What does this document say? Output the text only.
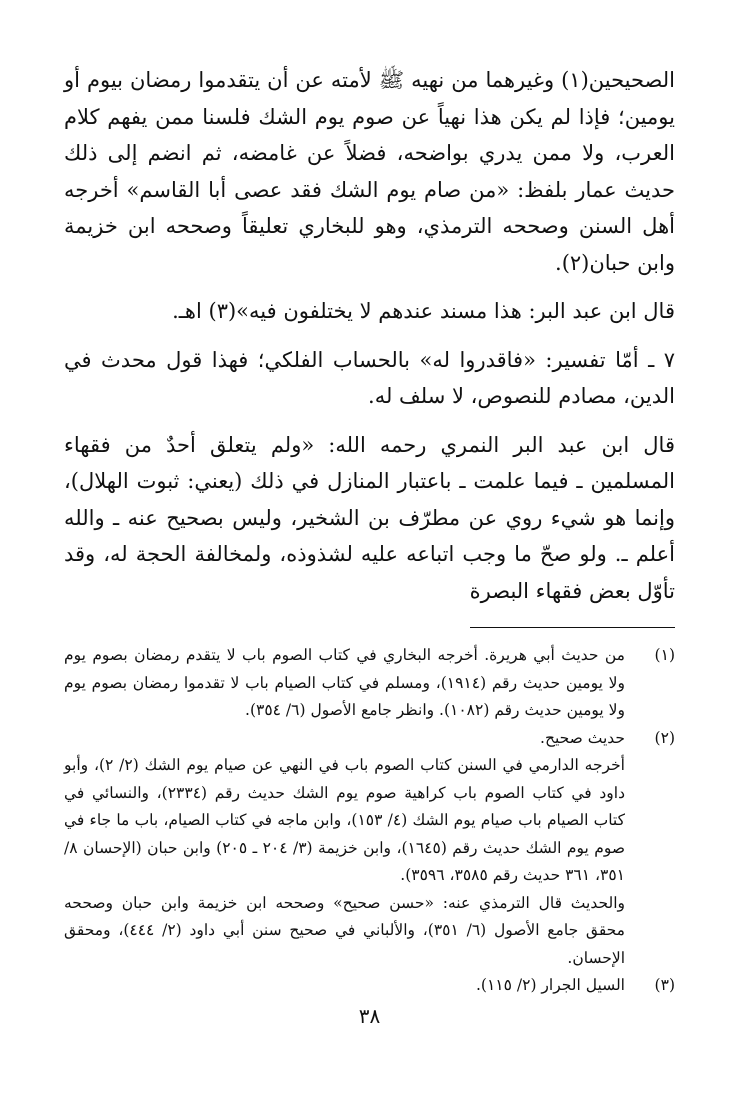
الصحيحين(١) وغيرهما من نهيه ﷺ لأمته عن أن يتقدموا رمضان بيوم أو يومين؛ فإذا لم يكن هذا نهياً عن صوم يوم الشك فلسنا ممن يفهم كلام العرب، ولا ممن يدري بواضحه، فضلاً عن غامضه، ثم انضم إلى ذلك حديث عمار بلفظ: «من صام يوم الشك فقد عصى أبا القاسم» أخرجه أهل السنن وصححه الترمذي، وهو للبخاري تعليقاً وصححه ابن خزيمة وابن حبان(٢).

قال ابن عبد البر: هذا مسند عندهم لا يختلفون فيه»(٣) اهـ.

٧ ـ أمّا تفسير: «فاقدروا له» بالحساب الفلكي؛ فهذا قول محدث في الدين، مصادم للنصوص، لا سلف له.

قال ابن عبد البر النمري رحمه الله: «ولم يتعلق أحدٌ من فقهاء المسلمين ـ فيما علمت ـ باعتبار المنازل في ذلك (يعني: ثبوت الهلال)، وإنما هو شيء روي عن مطرّف بن الشخير، وليس بصحيح عنه ـ والله أعلم ـ. ولو صحّ ما وجب اتباعه عليه لشذوذه، ولمخالفة الحجة له، وقد تأوّل بعض فقهاء البصرة

(١)

من حديث أبي هريرة. أخرجه البخاري في كتاب الصوم باب لا يتقدم رمضان بصوم يوم ولا يومين حديث رقم (١٩١٤)، ومسلم في كتاب الصيام باب لا تقدموا رمضان بصوم يوم ولا يومين حديث رقم (١٠٨٢). وانظر جامع الأصول (٦/ ٣٥٤).

(٢)

حديث صحيح.

أخرجه الدارمي في السنن كتاب الصوم باب في النهي عن صيام يوم الشك (٢/ ٢)، وأبو داود في كتاب الصوم باب كراهية صوم يوم الشك حديث رقم (٢٣٣٤)، والنسائي في كتاب الصيام باب صيام يوم الشك (٤/ ١٥٣)، وابن ماجه في كتاب الصيام، باب ما جاء في صوم يوم الشك حديث رقم (١٦٤٥)، وابن خزيمة (٣/ ٢٠٤ ـ ٢٠٥) وابن حبان (الإحسان ٨/ ٣٥١، ٣٦١ حديث رقم ٣٥٨٥، ٣٥٩٦).

والحديث قال الترمذي عنه: «حسن صحيح» وصححه ابن خزيمة وابن حبان وصححه محقق جامع الأصول (٦/ ٣٥١)، والألباني في صحيح سنن أبي داود (٢/ ٤٤٤)، ومحقق الإحسان.

(٣)

السيل الجرار (٢/ ١١٥).

٣٨
